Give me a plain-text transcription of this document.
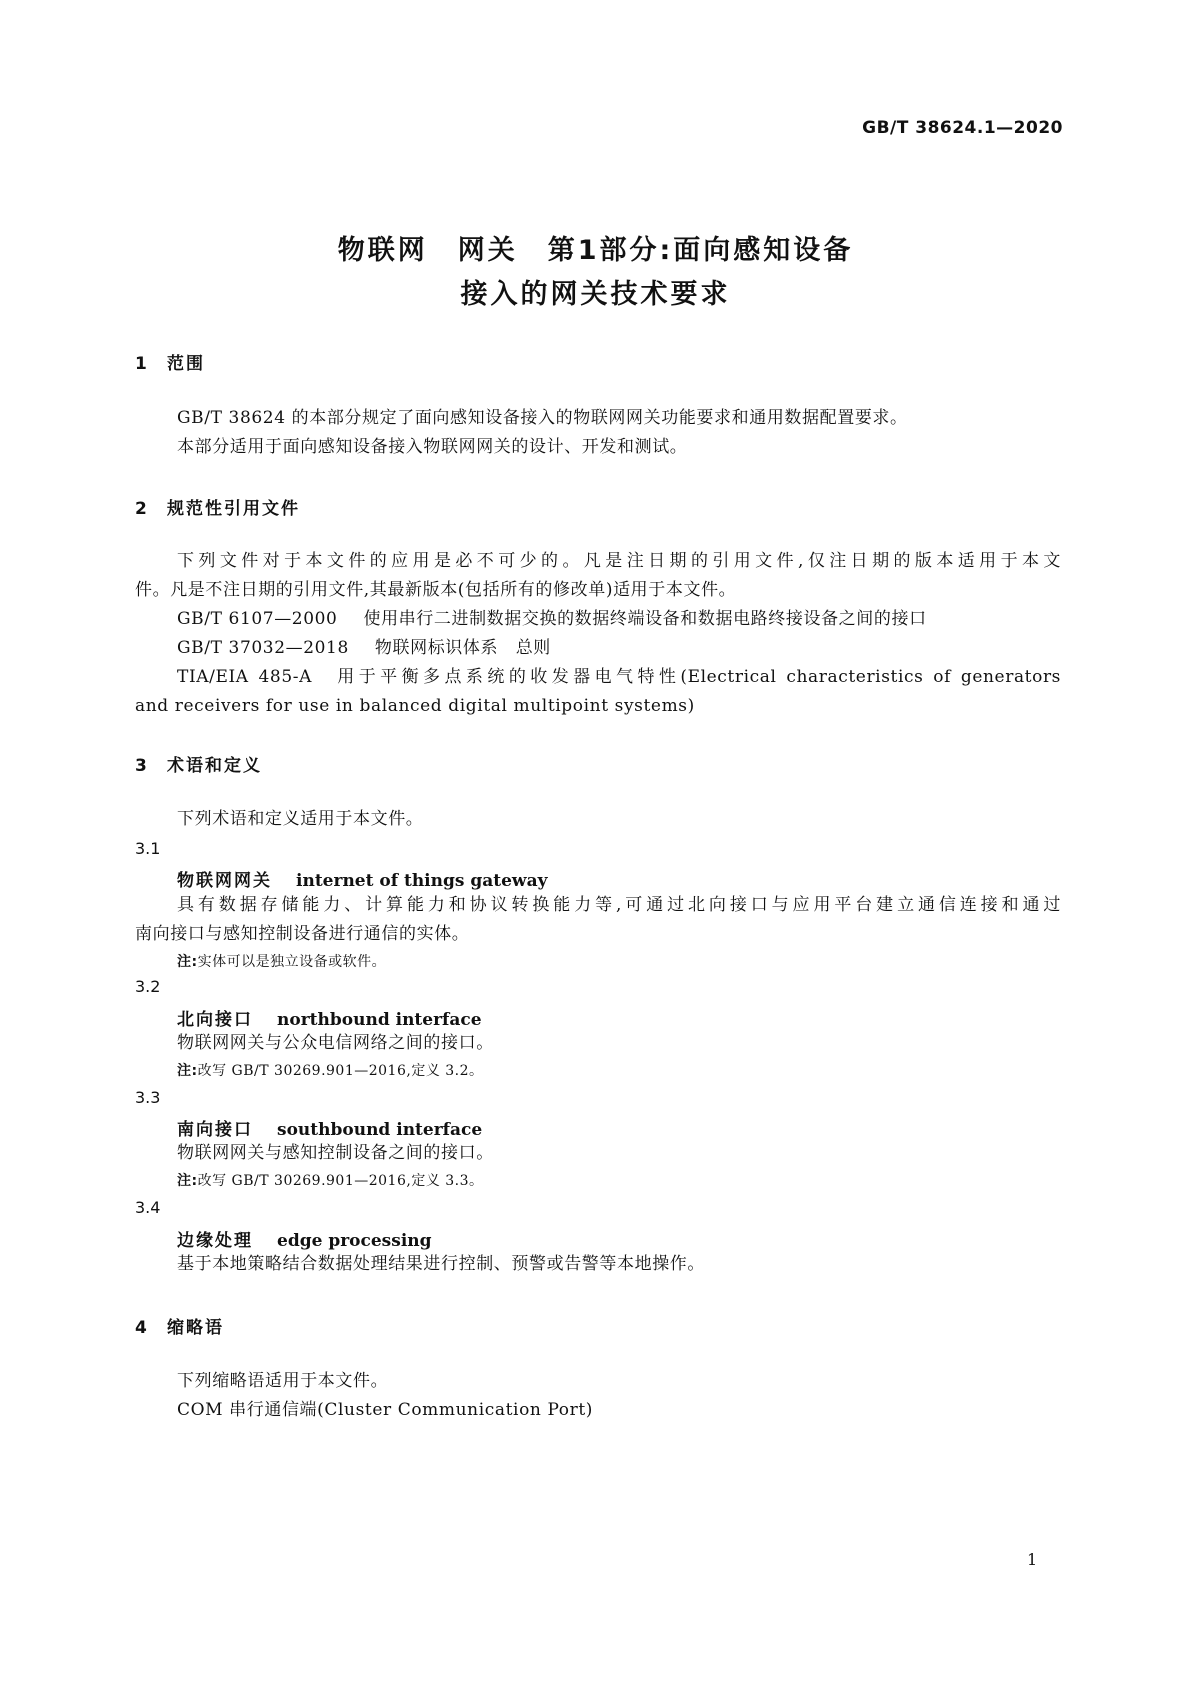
GB/T 38624.1—2020
物联网　网关　第1部分:面向感知设备
接入的网关技术要求
1 范围
GB/T 38624 的本部分规定了面向感知设备接入的物联网网关功能要求和通用数据配置要求。
本部分适用于面向感知设备接入物联网网关的设计、开发和测试。
2 规范性引用文件
下列文件对于本文件的应用是必不可少的。凡是注日期的引用文件,仅注日期的版本适用于本文
件。凡是不注日期的引用文件,其最新版本(包括所有的修改单)适用于本文件。
GB/T 6107—2000 使用串行二进制数据交换的数据终端设备和数据电路终接设备之间的接口
GB/T 37032—2018 物联网标识体系　总则
TIA/EIA 485-A　用于平衡多点系统的收发器电气特性(Electrical characteristics of generators
and receivers for use in balanced digital multipoint systems)
3 术语和定义
下列术语和定义适用于本文件。
3.1
物联网网关 internet of things gateway
具有数据存储能力、计算能力和协议转换能力等,可通过北向接口与应用平台建立通信连接和通过
南向接口与感知控制设备进行通信的实体。
注:实体可以是独立设备或软件。
3.2
北向接口 northbound interface
物联网网关与公众电信网络之间的接口。
注:改写 GB/T 30269.901—2016,定义 3.2。
3.3
南向接口 southbound interface
物联网网关与感知控制设备之间的接口。
注:改写 GB/T 30269.901—2016,定义 3.3。
3.4
边缘处理 edge processing
基于本地策略结合数据处理结果进行控制、预警或告警等本地操作。
4 缩略语
下列缩略语适用于本文件。
COM 串行通信端(Cluster Communication Port)
1
